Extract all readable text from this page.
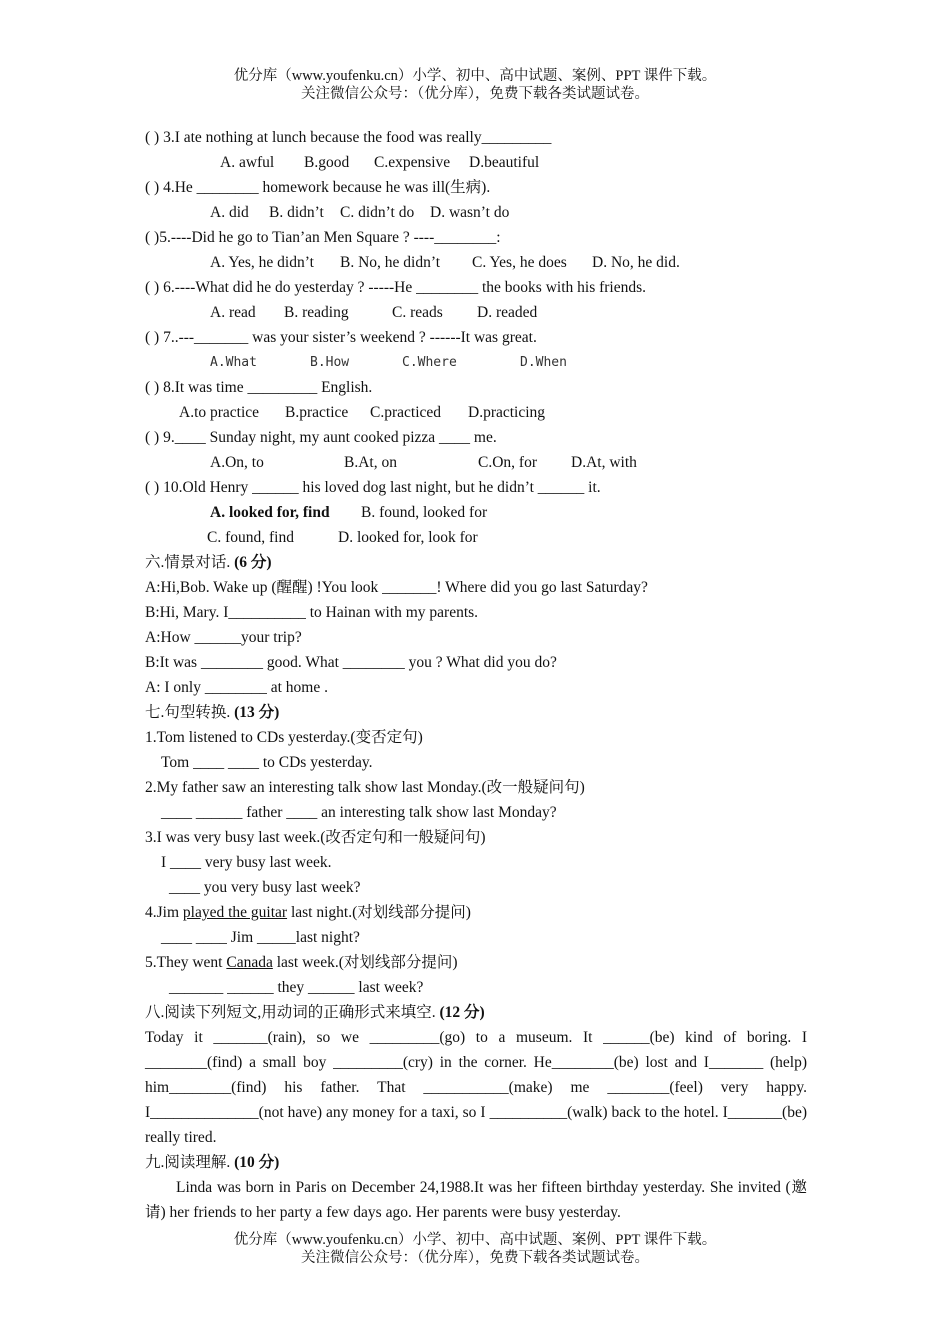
优分库（www.youfenku.cn）小学、初中、高中试题、案例、PPT 课件下载。
关注微信公众号：（优分库），免费下载各类试题试卷。
( ) 3.I ate nothing at lunch because the food was really_________
A. awful B.good C.expensive D.beautiful
( ) 4.He ________ homework because he was ill(生病).
A. did B. didn’t C. didn’t do D. wasn’t do
( )5.----Did he go to Tian’an Men Square ? ----________:
A. Yes, he didn’t B. No, he didn’t C. Yes, he does D. No, he did.
( ) 6.----What did he do yesterday ? -----He ________ the books with his friends.
A. read B. reading	C. reads D. readed
( ) 7..---_______ was your sister’s weekend ? ------It was great.
A.What	B.How	C.Where	D.When
( ) 8.It was time _________ English.
A.to practice B.practice C.practiced D.practicing
( ) 9.____ Sunday night, my aunt cooked pizza ____ me.
A.On, to	B.At, on	C.On, for D.At, with
( ) 10.Old Henry ______ his loved dog last night, but he didn’t ______ it.
A. looked for, find B. found, looked for
C. found, find	D. looked for, look for
六.情景对话. (6 分)
A:Hi,Bob. Wake up (醒醒) !You look _______! Where did you go last Saturday?
B:Hi, Mary. I__________ to Hainan with my parents.
A:How ______your trip?
B:It was ________ good. What ________ you ? What did you do?
A: I only ________ at home .
七.句型转换. (13 分)
1.Tom listened to CDs yesterday.(变否定句)
Tom ____ ____ to CDs yesterday.
2.My father saw an interesting talk show last Monday.(改一般疑问句)
____ ______ father ____ an interesting talk show last Monday?
3.I was very busy last week.(改否定句和一般疑问句)
I ____ very busy last week.
____ you very busy last week?
4.Jim played the guitar last night.(对划线部分提问)
____ ____ Jim _____last night?
5.They went Canada last week.(对划线部分提问)
_______ ______ they ______ last week?
八.阅读下列短文,用动词的正确形式来填空. (12 分)
Today it _______(rain), so we _________(go) to a museum. It ______(be) kind of boring. I ________(find) a small boy _________(cry) in the corner. He________(be) lost and I_______ (help) him________(find) his father. That ___________(make) me ________(feel) very happy. I______________(not have) any money for a taxi, so I __________(walk) back to the hotel. I_______(be) really tired.
九.阅读理解. (10 分)
Linda was born in Paris on December 24,1988.It was her fifteen birthday yesterday. She invited (邀请) her friends to her party a few days ago. Her parents were busy yesterday.
优分库（www.youfenku.cn）小学、初中、高中试题、案例、PPT 课件下载。
关注微信公众号：（优分库），免费下载各类试题试卷。
